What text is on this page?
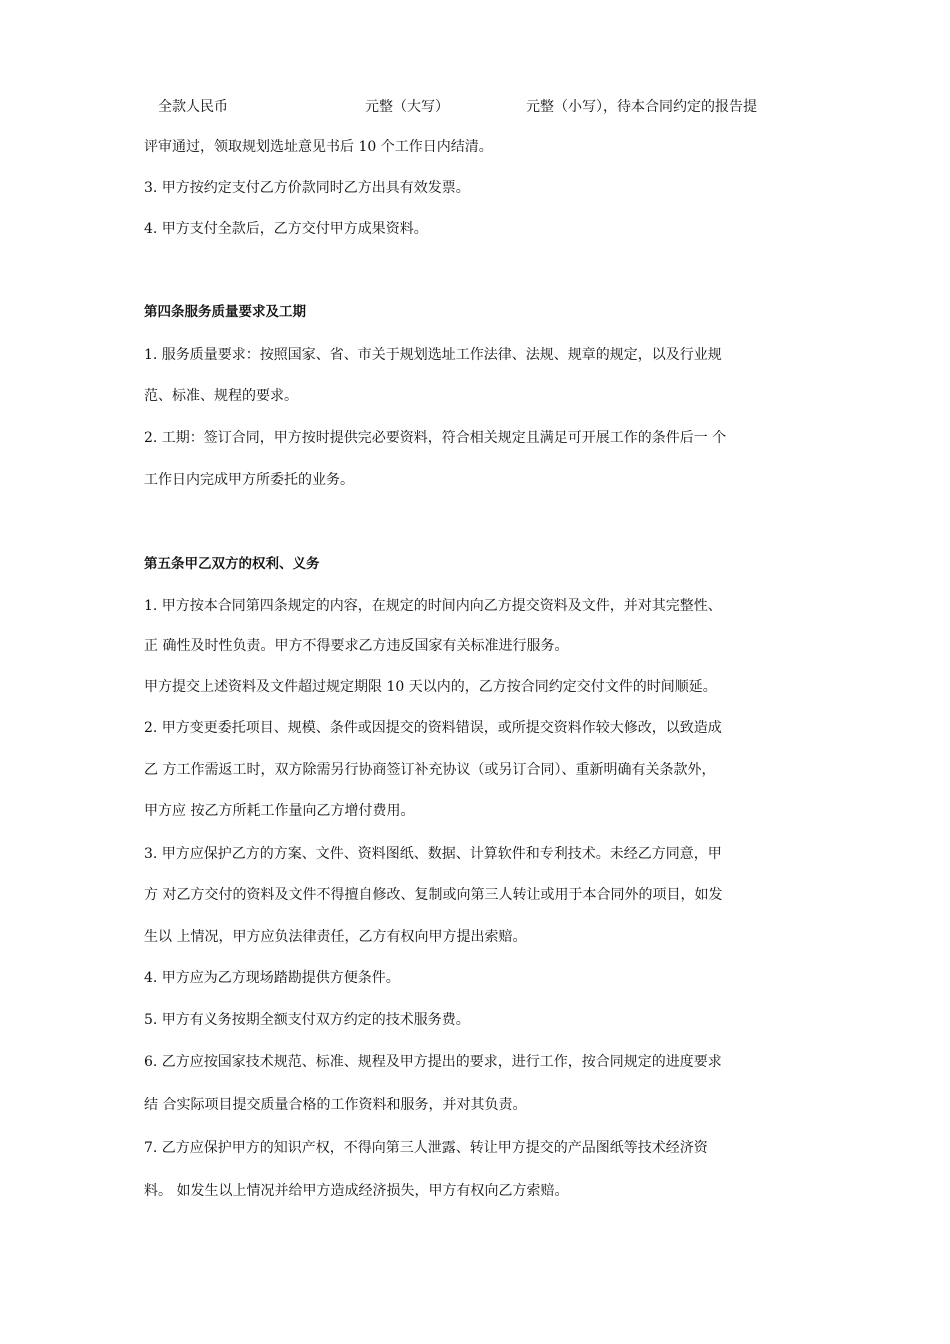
全款人民币	元整（大写）	元整（小写），待本合同约定的报告提
评审通过，领取规划选址意见书后 10 个工作日内结清。
3. 甲方按约定支付乙方价款同时乙方出具有效发票。
4. 甲方支付全款后，乙方交付甲方成果资料。
第四条服务质量要求及工期
1. 服务质量要求：按照国家、省、市关于规划选址工作法律、法规、规章的规定，以及行业规
范、标准、规程的要求。
2. 工期：签订合同，甲方按时提供完必要资料，符合相关规定且满足可开展工作的条件后一 个
工作日内完成甲方所委托的业务。
第五条甲乙双方的权利、义务
1. 甲方按本合同第四条规定的内容，在规定的时间内向乙方提交资料及文件，并对其完整性、
正 确性及时性负责。甲方不得要求乙方违反国家有关标准进行服务。
甲方提交上述资料及文件超过规定期限 10 天以内的，乙方按合同约定交付文件的时间顺延。
2. 甲方变更委托项目、规模、条件或因提交的资料错误，或所提交资料作较大修改，以致造成
乙 方工作需返工时，双方除需另行协商签订补充协议（或另订合同）、重新明确有关条款外，
甲方应 按乙方所耗工作量向乙方增付费用。
3. 甲方应保护乙方的方案、文件、资料图纸、数据、计算软件和专利技术。未经乙方同意，甲
方 对乙方交付的资料及文件不得擅自修改、复制或向第三人转让或用于本合同外的项目，如发
生以 上情况，甲方应负法律责任，乙方有权向甲方提出索赔。
4. 甲方应为乙方现场踏勘提供方便条件。
5. 甲方有义务按期全额支付双方约定的技术服务费。
6. 乙方应按国家技术规范、标准、规程及甲方提出的要求，进行工作，按合同规定的进度要求
结 合实际项目提交质量合格的工作资料和服务，并对其负责。
7. 乙方应保护甲方的知识产权，不得向第三人泄露、转让甲方提交的产品图纸等技术经济资
料。 如发生以上情况并给甲方造成经济损失，甲方有权向乙方索赔。
